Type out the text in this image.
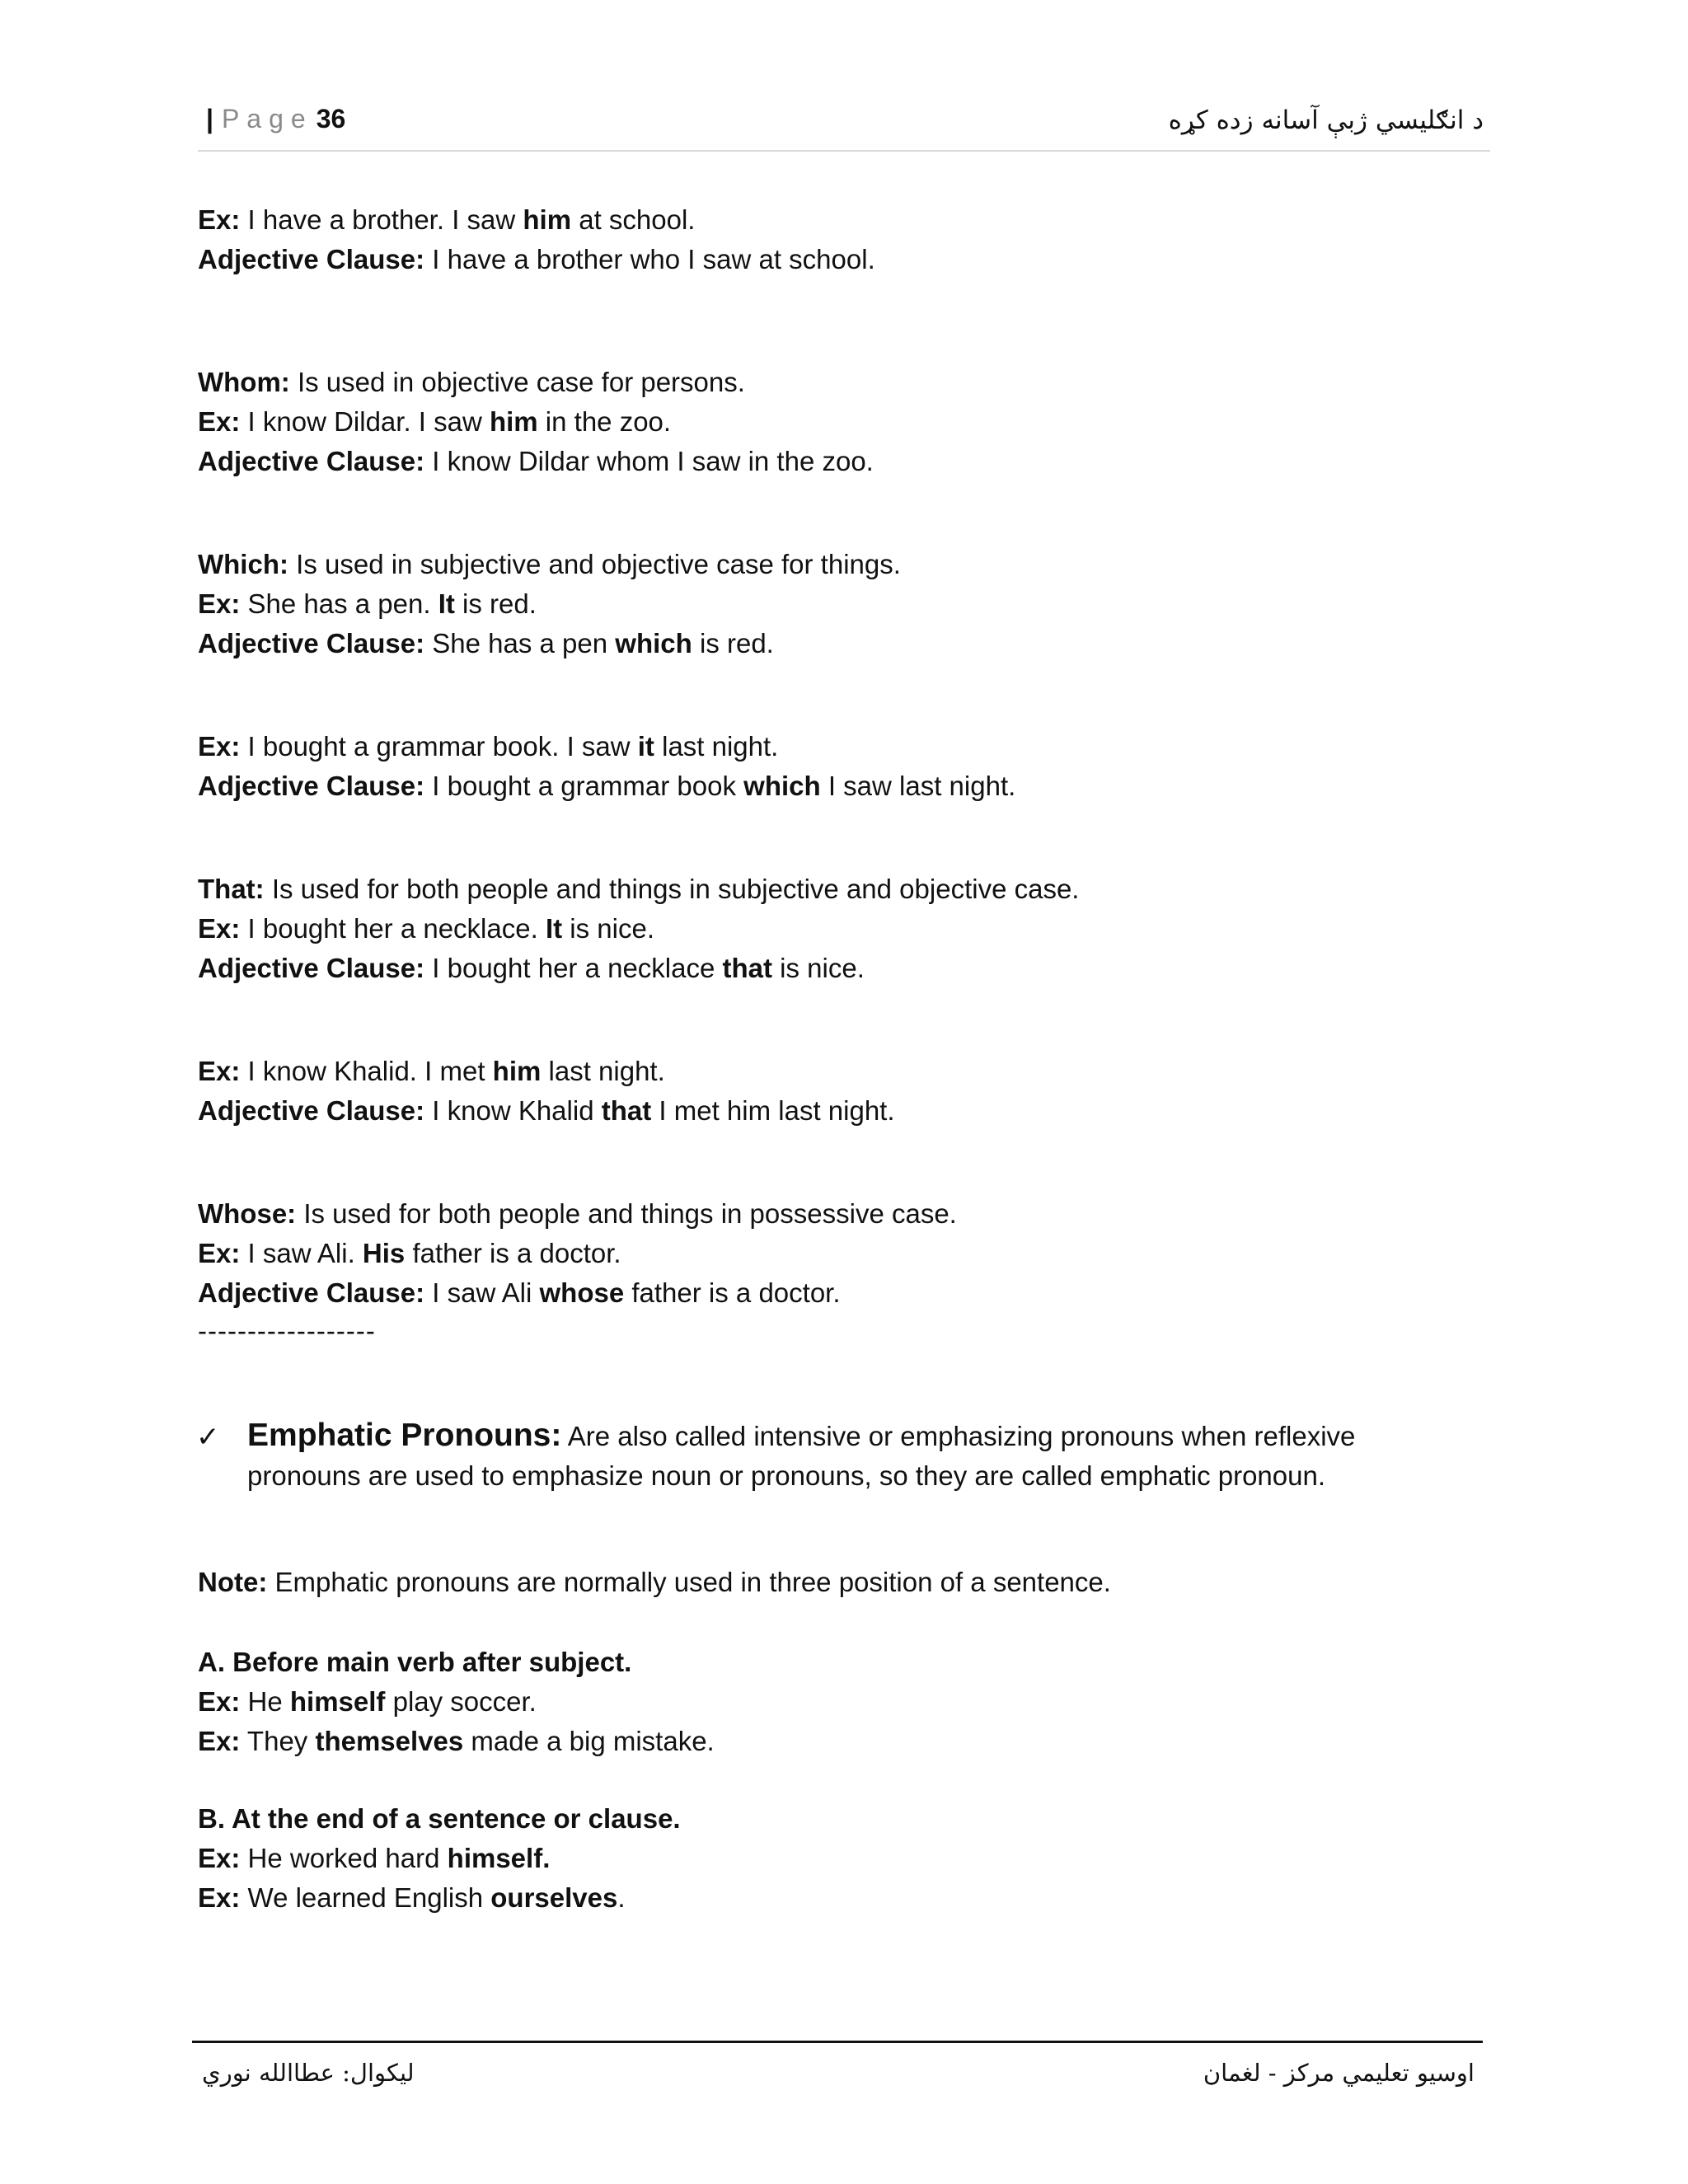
| Page 36	د انګلیسي ژبې آسانه زده کړه
Ex: I have a brother. I saw him at school.
Adjective Clause: I have a brother who I saw at school.
Whom: Is used in objective case for persons.
Ex: I know Dildar. I saw him in the zoo.
Adjective Clause: I know Dildar whom I saw in the zoo.
Which: Is used in subjective and objective case for things.
Ex: She has a pen. It is red.
Adjective Clause: She has a pen which is red.
Ex: I bought a grammar book. I saw it last night.
Adjective Clause: I bought a grammar book which I saw last night.
That: Is used for both people and things in subjective and objective case.
Ex: I bought her a necklace. It is nice.
Adjective Clause: I bought her a necklace that is nice.
Ex: I know Khalid. I met him last night.
Adjective Clause: I know Khalid that I met him last night.
Whose: Is used for both people and things in possessive case.
Ex: I saw Ali. His father is a doctor.
Adjective Clause: I saw Ali whose father is a doctor.
------------------
Note: Emphatic pronouns are normally used in three position of a sentence.
A. Before main verb after subject.
Ex: He himself play soccer.
Ex: They themselves made a big mistake.
B. At the end of a sentence or clause.
Ex: He worked hard himself.
Ex: We learned English ourselves.
✓ Emphatic Pronouns: Are also called intensive or emphasizing pronouns when reflexive
pronouns are used to emphasize noun or pronouns, so they are called emphatic pronoun.
لیکوال: عطاالله نوري	اوسیو تعلیمي مرکز - لغمان
